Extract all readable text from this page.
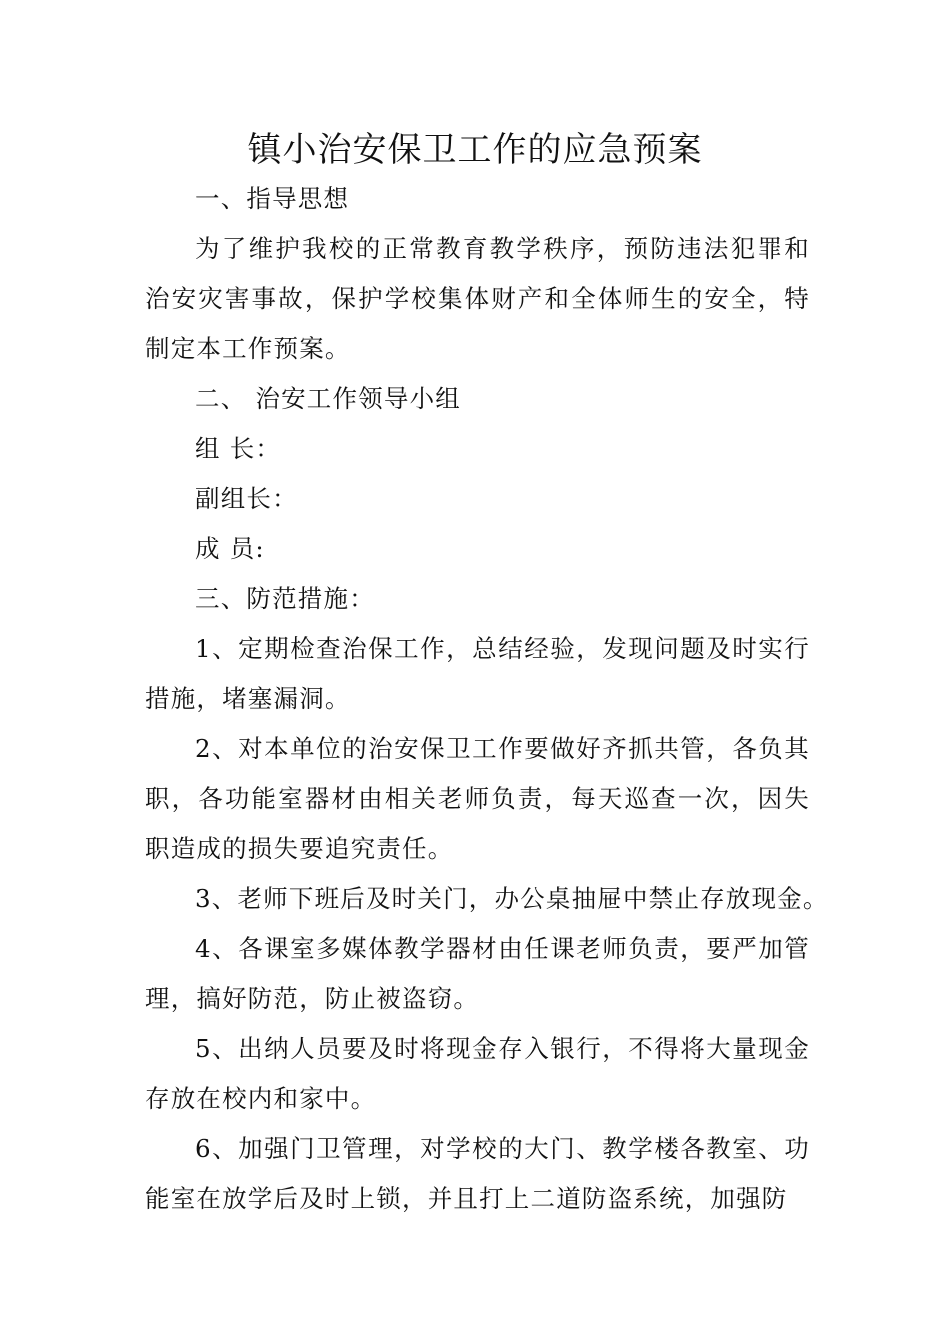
镇小治安保卫工作的应急预案

一、指导思想

为了维护我校的正常教育教学秩序，预防违法犯罪和治安灾害事故，保护学校集体财产和全体师生的安全，特制定本工作预案。

二、 治安工作领导小组

组 长：

副组长：

成 员:

三、防范措施：

1、定期检查治保工作，总结经验，发现问题及时实行措施，堵塞漏洞。

2、对本单位的治安保卫工作要做好齐抓共管，各负其职，各功能室器材由相关老师负责，每天巡查一次，因失职造成的损失要追究责任。

3、老师下班后及时关门，办公桌抽屉中禁止存放现金。

4、各课室多媒体教学器材由任课老师负责，要严加管理，搞好防范，防止被盗窃。

5、出纳人员要及时将现金存入银行，不得将大量现金存放在校内和家中。

6、加强门卫管理，对学校的大门、教学楼各教室、功能室在放学后及时上锁，并且打上二道防盗系统，加强防
